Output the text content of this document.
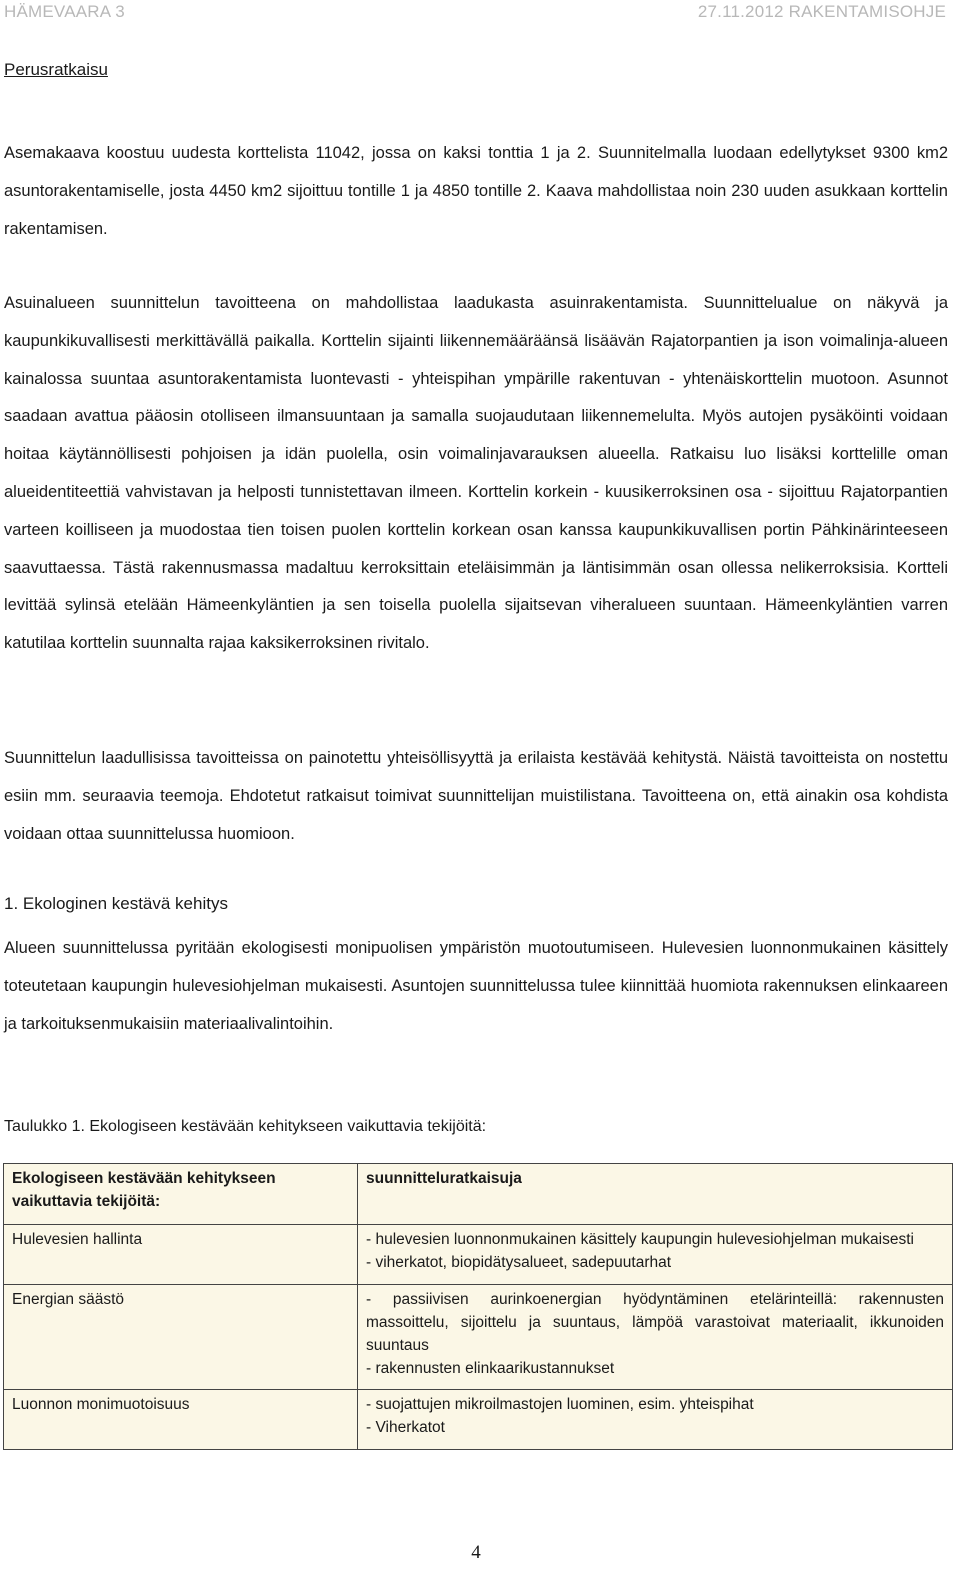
HÄMEVAARA 3	27.11.2012 RAKENTAMISOHJE
Perusratkaisu

Asemakaava koostuu uudesta korttelista 11042, jossa on kaksi tonttia 1 ja 2. Suunnitelmalla luodaan edellytykset 9300 km2 asuntorakentamiselle, josta 4450 km2 sijoittuu tontille 1 ja 4850 tontille 2. Kaava mahdollistaa noin 230 uuden asukkaan korttelin rakentamisen.

Asuinalueen suunnittelun tavoitteena on mahdollistaa laadukasta asuinrakentamista. Suunnittelualue on näkyvä ja kaupunkikuvallisesti merkittävällä paikalla. Korttelin sijainti liikennemääräänsä lisäävän Rajatorpantien ja ison voimalinja-alueen kainalossa suuntaa asuntorakentamista luontevasti - yhteispihan ympärille rakentuvan - yhtenäiskorttelin muotoon. Asunnot saadaan avattua pääosin otolliseen ilmansuuntaan ja samalla suojaudutaan liikennemelulta. Myös autojen pysäköinti voidaan hoitaa käytännöllisesti pohjoisen ja idän puolella, osin voimalinjavarauksen alueella. Ratkaisu luo lisäksi korttelille oman alueidentiteettiä vahvistavan ja helposti tunnistettavan ilmeen. Korttelin korkein - kuusikerroksinen osa - sijoittuu Rajatorpantien varteen koilliseen ja muodostaa tien toisen puolen korttelin korkean osan kanssa kaupunkikuvallisen portin Pähkinärinteeseen saavuttaessa. Tästä rakennusmassa madaltuu kerroksittain eteläisimmän ja läntisimmän osan ollessa nelikerroksisia. Kortteli levittää sylinsä etelään Hämeenkyläntien ja sen toisella puolella sijaitsevan viheralueen suuntaan. Hämeenkyläntien varren katutilaa korttelin suunnalta rajaa kaksikerroksinen rivitalo.

Suunnittelun laadullisissa tavoitteissa on painotettu yhteisöllisyyttä ja erilaista kestävää kehitystä. Näistä tavoitteista on nostettu esiin mm. seuraavia teemoja. Ehdotetut ratkaisut toimivat suunnittelijan muistilistana. Tavoitteena on, että ainakin osa kohdista voidaan ottaa suunnittelussa huomioon.

1. Ekologinen kestävä kehitys

Alueen suunnittelussa pyritään ekologisesti monipuolisen ympäristön muotoutumiseen. Hulevesien luonnonmukainen käsittely toteutetaan kaupungin hulevesiohjelman mukaisesti. Asuntojen suunnittelussa tulee kiinnittää huomiota rakennuksen elinkaareen ja tarkoituksenmukaisiin materiaalivalintoihin.

Taulukko 1. Ekologiseen kestävään kehitykseen vaikuttavia tekijöitä:
Ekologiseen kestävään kehitykseen vaikuttavia tekijöitä:	suunnitteluratkaisuja
Hulevesien hallinta	- hulevesien luonnonmukainen käsittely kaupungin hulevesiohjelman mukaisesti
- viherkatot, biopidätysalueet, sadepuutarhat

Energian säästö	- passiivisen aurinkoenergian hyödyntäminen etelärinteillä: rakennusten massoittelu, sijoittelu ja suuntaus, lämpöä varastoivat materiaalit, ikkunoiden suuntaus
- rakennusten elinkaarikustannukset

Luonnon monimuotoisuus	- suojattujen mikroilmastojen luominen, esim. yhteispihat
- Viherkatot
4
